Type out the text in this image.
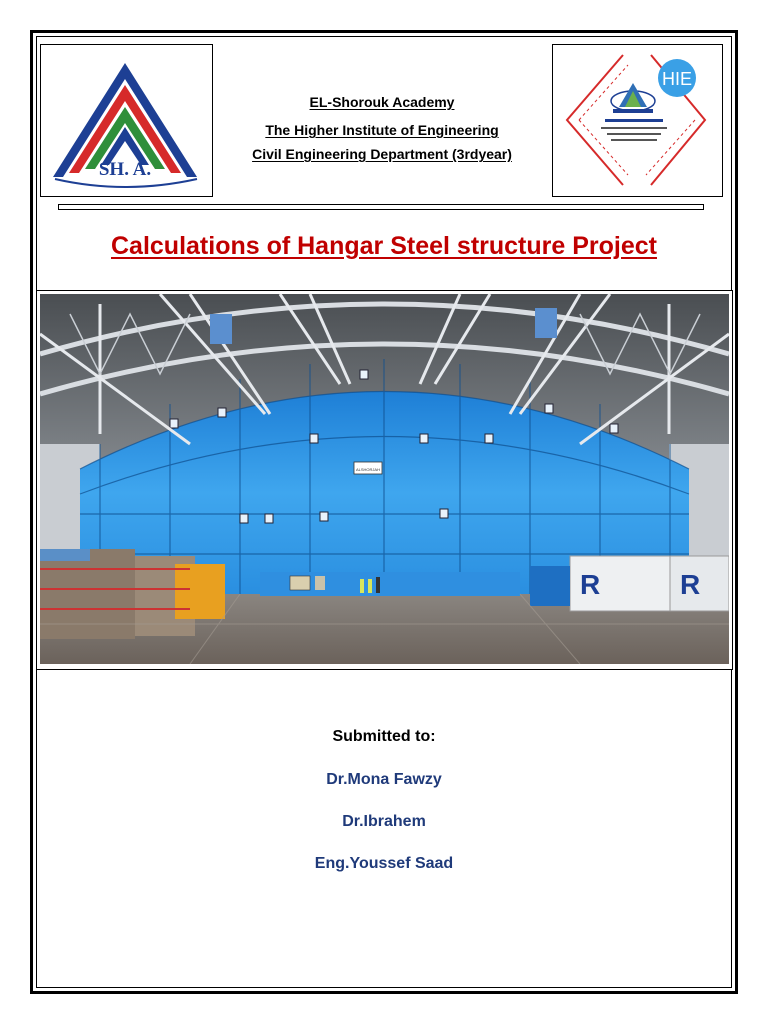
SH. A.
EL-Shorouk Academy
The Higher Institute of Engineering
Civil Engineering Department (3rdyear)
HIE
Calculations of Hangar Steel structure Project
ALSHORJAH
R	R
Submitted to:
Dr.Mona Fawzy
Dr.Ibrahem
Eng.Youssef Saad
